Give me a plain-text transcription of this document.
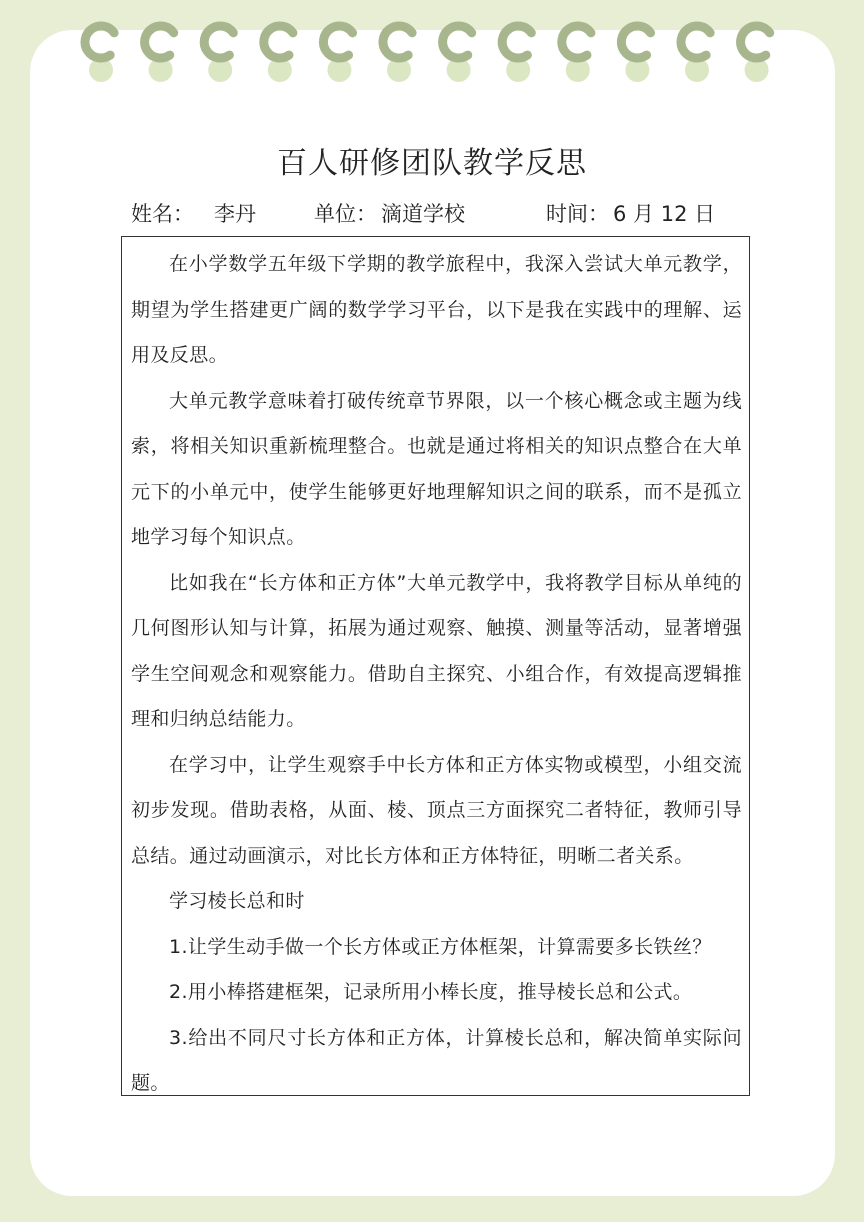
百人研修团队教学反思
姓名： 李丹	单位： 滴道学校	时间： 6 月 12 日

在小学数学五年级下学期的教学旅程中，我深入尝试大单元教学，期望为学生搭建更广阔的数学学习平台，以下是我在实践中的理解、运用及反思。

大单元教学意味着打破传统章节界限，以一个核心概念或主题为线索，将相关知识重新梳理整合。也就是通过将相关的知识点整合在大单元下的小单元中，使学生能够更好地理解知识之间的联系，而不是孤立地学习每个知识点。

比如我在“长方体和正方体”大单元教学中，我将教学目标从单纯的几何图形认知与计算，拓展为通过观察、触摸、测量等活动，显著增强学生空间观念和观察能力。借助自主探究、小组合作，有效提高逻辑推理和归纳总结能力。

在学习中，让学生观察手中长方体和正方体实物或模型，小组交流初步发现。借助表格，从面、棱、顶点三方面探究二者特征，教师引导总结。通过动画演示，对比长方体和正方体特征，明晰二者关系。

学习棱长总和时

1.让学生动手做一个长方体或正方体框架，计算需要多长铁丝？

2.用小棒搭建框架，记录所用小棒长度，推导棱长总和公式。

3.给出不同尺寸长方体和正方体，计算棱长总和，解决简单实际问题。
